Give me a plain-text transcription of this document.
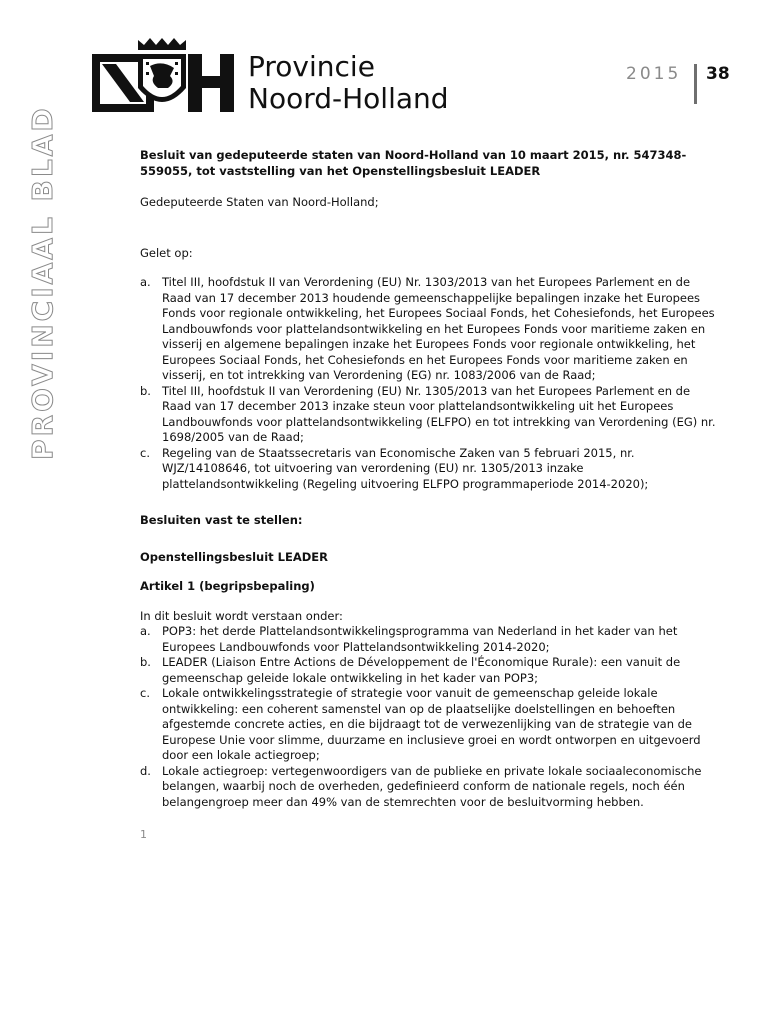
Provincie
Noord-Holland
2015 38
PROVINCIAAL BLAD	Besluit van gedeputeerde staten van Noord-Holland van 10 maart 2015, nr. 547348-559055, tot vaststelling van het Openstellingsbesluit LEADER

Gedeputeerde Staten van Noord-Holland;

Gelet op:

a. Titel III, hoofdstuk II van Verordening (EU) Nr. 1303/2013 van het Europees Parlement en de Raad van 17 december 2013 houdende gemeenschappelijke bepalingen inzake het Europees Fonds voor regionale ontwikkeling, het Europees Sociaal Fonds, het Cohesiefonds, het Europees Landbouwfonds voor plattelandsontwikkeling en het Europees Fonds voor maritieme zaken en visserij en algemene bepalingen inzake het Europees Fonds voor regionale ontwikkeling, het Europees Sociaal Fonds, het Cohesiefonds en het Europees Fonds voor maritieme zaken en visserij, en tot intrekking van Verordening (EG) nr. 1083/2006 van de Raad;
b. Titel III, hoofdstuk II van Verordening (EU) Nr. 1305/2013 van het Europees Parlement en de Raad van 17 december 2013 inzake steun voor plattelandsontwikkeling uit het Europees Landbouwfonds voor plattelandsontwikkeling (ELFPO) en tot intrekking van Verordening (EG) nr. 1698/2005 van de Raad;
c. Regeling van de Staatssecretaris van Economische Zaken van 5 februari 2015, nr. WJZ/14108646, tot uitvoering van verordening (EU) nr. 1305/2013 inzake plattelandsontwikkeling (Regeling uitvoering ELFPO programmaperiode 2014-2020);

Besluiten vast te stellen:

Openstellingsbesluit LEADER

Artikel 1 (begripsbepaling)

In dit besluit wordt verstaan onder:

a. POP3: het derde Plattelandsontwikkelingsprogramma van Nederland in het kader van het Europees Landbouwfonds voor Plattelandsontwikkeling 2014-2020;
b. LEADER (Liaison Entre Actions de Développement de l'Économique Rurale): een vanuit de gemeenschap geleide lokale ontwikkeling in het kader van POP3;
c. Lokale ontwikkelingsstrategie of strategie voor vanuit de gemeenschap geleide lokale ontwikkeling: een coherent samenstel van op de plaatselijke doelstellingen en behoeften afgestemde concrete acties, en die bijdraagt tot de verwezenlijking van de strategie van de Europese Unie voor slimme, duurzame en inclusieve groei en wordt ontworpen en uitgevoerd door een lokale actiegroep;
d. Lokale actiegroep: vertegenwoordigers van de publieke en private lokale sociaaleconomische belangen, waarbij noch de overheden, gedefinieerd conform de nationale regels, noch één belangengroep meer dan 49% van de stemrechten voor de besluitvorming hebben.
1
